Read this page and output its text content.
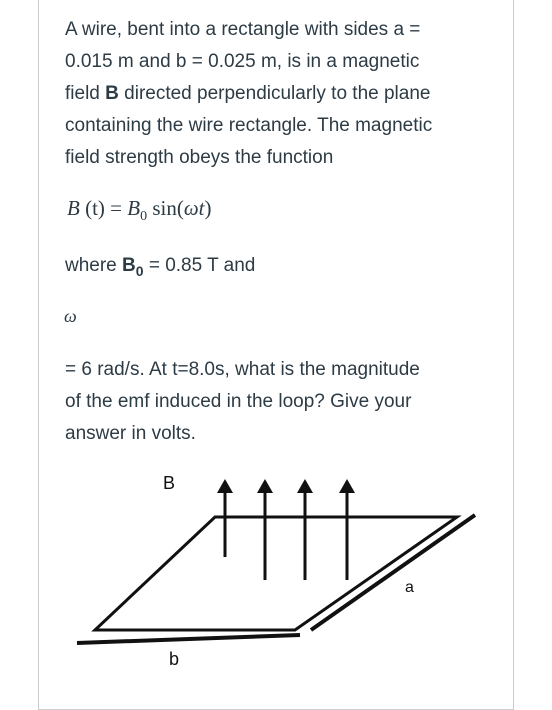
A wire, bent into a rectangle with sides a =
0.015 m and b = 0.025 m, is in a magnetic
field B directed perpendicularly to the plane
containing the wire rectangle. The magnetic
field strength obeys the function

B $(t) = B_0$ sin(ωt)

where $B_0 = 0.85$ T and

ω

= 6 rad/s. At t=8.0s, what is the magnitude
of the emf induced in the loop? Give your
answer in volts.

B
a
b
